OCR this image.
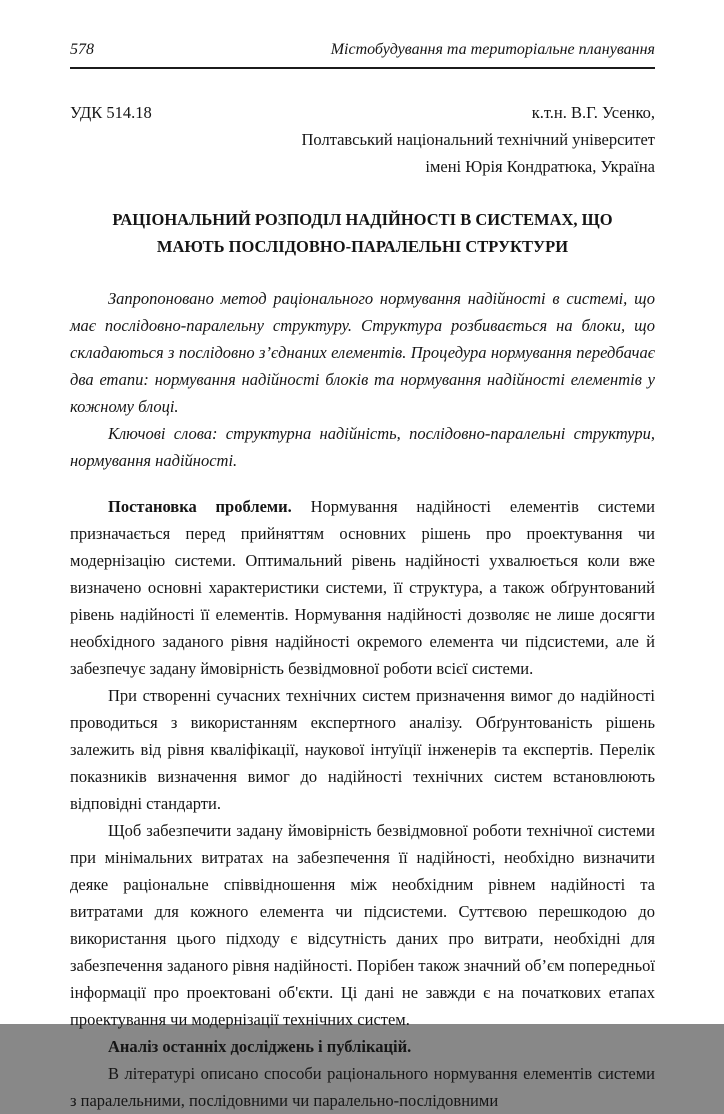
578	Містобудування та територіальне планування
УДК 514.18	к.т.н. В.Г. Усенко,
Полтавський національний технічний університет
імені Юрія Кондратюка, Україна
РАЦІОНАЛЬНИЙ РОЗПОДІЛ НАДІЙНОСТІ В СИСТЕМАХ, ЩО МАЮТЬ ПОСЛІДОВНО-ПАРАЛЕЛЬНІ СТРУКТУРИ

Запропоновано метод раціонального нормування надійності в системі, що має послідовно-паралельну структуру. Структура розбивається на блоки, що складаються з послідовно з’єднаних елементів. Процедура нормування передбачає два етапи: нормування надійності блоків та нормування надійності елементів у кожному блоці.

Ключові слова: структурна надійність, послідовно-паралельні структури, нормування надійності.

Постановка проблеми. Нормування надійності елементів системи призначається перед прийняттям основних рішень про проектування чи модернізацію системи. Оптимальний рівень надійності ухвалюється коли вже визначено основні характеристики системи, її структура, а також обґрунтований рівень надійності її елементів. Нормування надійності дозволяє не лише досягти необхідного заданого рівня надійності окремого елемента чи підсистеми, але й забезпечує задану ймовірність безвідмовної роботи всієї системи.

При створенні сучасних технічних систем призначення вимог до надійності проводиться з використанням експертного аналізу. Обґрунтованість рішень залежить від рівня кваліфікації, наукової інтуїції інженерів та експертів. Перелік показників визначення вимог до надійності технічних систем встановлюють відповідні стандарти.

Щоб забезпечити задану ймовірність безвідмовної роботи технічної системи при мінімальних витратах на забезпечення її надійності, необхідно визначити деяке раціональне співвідношення між необхідним рівнем надійності та витратами для кожного елемента чи підсистеми. Суттєвою перешкодою до використання цього підходу є відсутність даних про витрати, необхідні для забезпечення заданого рівня надійності. Порібен також значний об’єм попередньої інформації про проектовані об'єкти. Ці дані не завжди є на початкових етапах проектування чи модернізації технічних систем.

Аналіз останніх досліджень і публікацій.

В літературі описано способи раціонального нормування елементів системи з паралельними, послідовними чи паралельно-послідовними
